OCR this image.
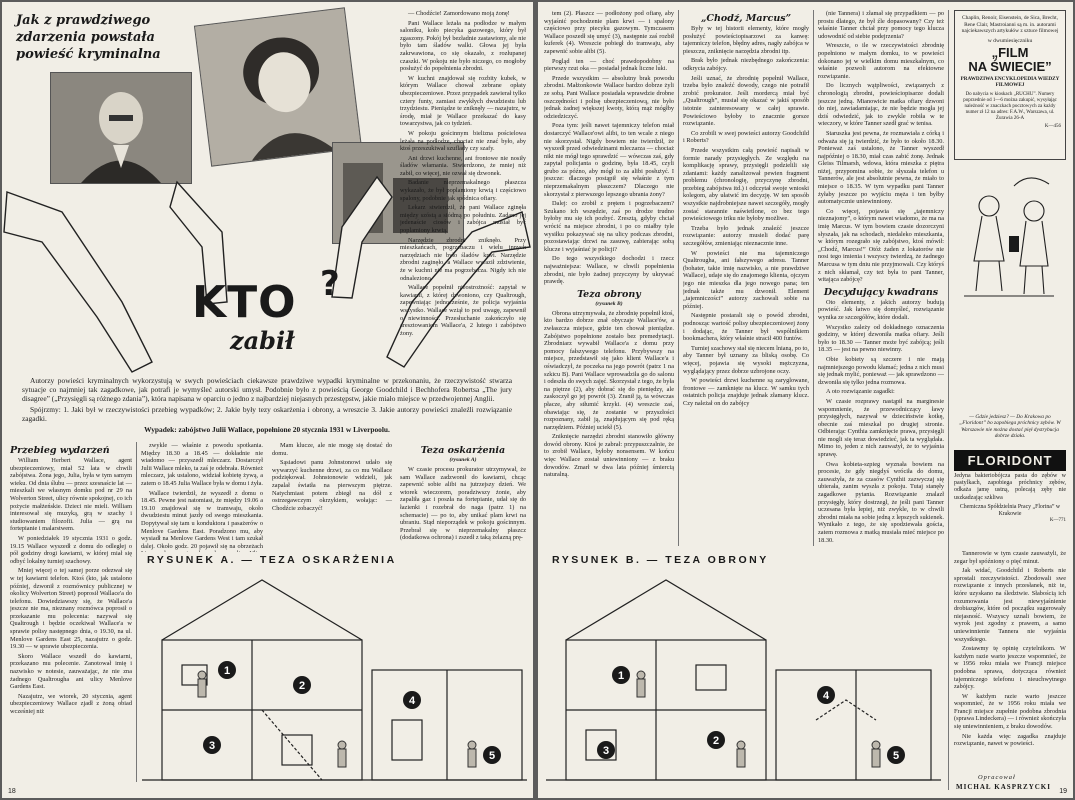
Jak z prawdziwego
zdarzenia powstała
powieść kryminalna
KTO ?
zabił

Autorzy powieści kryminalnych wykorzystują w swych powieściach ciekawsze prawdziwe wypadki kryminalne w przekonaniu, że rzeczywistość stwarza sytuacje co najmniej tak zagadkowe, jak potrafi je wymyśleć autorski umysł. Podobnie było z powieścią George Goodchild i Bechhofera Robertsa „The jury disagree” („Przysięgli są różnego zdania”), która napisana w oparciu o jedno z najbardziej niejasnych przestępstw, jakie miało miejsce w przedwojennej Anglii.

Spójrzmy: 1. Jaki był w rzeczywistości przebieg wypadków; 2. Jakie były tezy oskarżenia i obrony, a wreszcie 3. Jakie autorzy powieści znaleźli rozwiązanie zagadki.

Wypadek: zabójstwo Julii Wallace, popełnione 20 stycznia 1931 w Liverpoolu.
Przebieg wydarzeń

William Herbert Wallace, agent ubezpieczeniowy, miał 52 lata w chwili zabójstwa. Żona jego, Julia, była w tym samym wieku. Od dnia ślubu — przez szesnaście lat — mieszkali we własnym domku pod nr 29 na Wolverton Street, ulicy równie spokojnej, co ich pożycie małżeńskie. Dzieci nie mieli. William interesował się muzyką, grą w szachy i studiowaniem filozofii. Julia — grą na fortepianie i malarstwem.

W poniedziałek 19 stycznia 1931 o godz. 19.15 Wallace wyszedł z domu do odległej o pół godziny drogi kawiarni, w której miał się odbyć lokalny turniej szachowy.

Mniej więcej o tej samej porze odezwał się w tej kawiarni telefon. Ktoś (kto, jak ustalono później, dzwonił z rozmównicy publicznej w okolicy Wolverton Street) poprosił Wallace'a do telefonu. Dowiedziawszy się, że Wallace'a jeszcze nie ma, nieznany rozmówca poprosił o przekazanie mu polecenia: nazywał się Qualtrough i będzie oczekiwał Wallace'a w sprawie polisy następnego dnia, o 19.30, na ul. Menlove Gardens East 25, nazajutrz o godz. 19.30 — w sprawie ubezpieczenia.

Skoro Wallace wszedł do kawiarni, przekazano mu polecenie. Zanotował imię i nazwisko w notesie, zauważając, że nie zna żadnego Qualtrougha ani ulicy Menlove Gardens East.

Nazajutrz, we wtorek, 20 stycznia, agent ubezpieczeniowy Wallace zjadł z żoną obiad wcześniej niż

zwykle — właśnie z powodu spotkania. Między 18.30 a 18.45 — dokładnie nie wiadomo — przyszedł mleczarz. Dostarczył Julii Wallace mleko, ta zaś je odebrała. Również mleczarz, jak ustalono, widział kobietę żywą, a zatem o 18.45 Julia Wallace była w domu i żyła.

Wallace twierdził, że wyszedł z domu o 18.45. Pewne jest natomiast, że między 19.06 a 19.10 znajdował się w tramwaju, około dwudziestu minut jazdy od swego mieszkania. Dopytywał się tam u konduktora i pasażerów o Menlove Gardens East. Poradzono mu, aby wysiadł na Menlove Gardens West i tam szukał dalej. Około godz. 20 pojawił się na obrzeżach

Mam klucze, ale nie mogę się dostać do domu.

Sąsiadowi panu Johnstonowi udało się wywarzyć kuchenne drzwi, za co mu Wallace podziękował. Johnstonowie widzieli, jak zapalał światła na pierwszym piętrze. Natychmiast potem zbiegł na dół z ostrzegawczym okrzykiem, wołając: — Chodźcie zobaczyć!

— Chodźcie! Zamordowano moją żonę!

Pani Wallace leżała na podłodze w małym saloniku, koło piecyka gazowego, który był zgaszony. Pokój był bezładnie zastawiony, ale nie było tam śladów walki. Głowa jej była zakrwawiona, co się okazało, z rozłupanej czaszki. W pokoju nie było niczego, co mogłoby posłużyć do popełnienia zbrodni.

W kuchni znajdował się rozbity kubek, w którym Wallace chował zebrane opłaty ubezpieczeniowe. Przez przypadek zawierał tylko cztery funty, zamiast zwykłych dwudziestu lub trzydziestu. Pieniądze te zniknęły — nazajutrz, w środę, miał je Wallace przekazać do kasy towarzystwa, jak co tydzień.

W pokoju gościnnym bielizna pościelowa leżała na podłodze, chociaż nie znać było, aby ktoś przeszukiwał szuflady czy szafy.

Ani drzwi kuchenne, ani frontowe nie nosiły śladów włamania. Stwierdzono, że mniej niż zabił, co więcej, nie ozwał się dzwonek.

Badanie nieprzemakalnego płaszcza wykazało, że był poplamiony krwią i częściowo spalony, podobnie jak spódnica ofiary.

Lekarz stwierdził, że pani Wallace zginęła między szóstą a siódmą po południu. Zadano jej jedenaście ciosów i zabójca musiał być poplamiony krwią.

Narzędzie zbrodni zniknęło. Przy mieszkańcach, pogrzebaczu i wielu innych narzędziach nie było śladów krwi. Narzędzie zbrodni zaginęło, a Wallace wyraził zdziwienie, że w kuchni nie ma pogrzebacza. Nigdy ich nie odnaleziono.

Wallace popełnił nieostrożność: zapytał w kawiarni, z której dzwoniono, czy Qualtrough, zapewniając jednocześnie, że policja wyjaśnia wszystko. Wallace wziął to pod uwagę, zapewnił o niewinności. Przesłuchanie zakończyło się aresztowaniem Wallace'a, 2 lutego i zabójstwo żony.

Teza oskarżenia
(rysunek A)

W czasie procesu prokurator utrzymywał, że sam Wallace zadzwonił do kawiarni, chcąc zapewnić sobie alibi na jutrzejszy dzień. We wtorek wieczorem, poradziwszy żonie, aby zapaliła gaz i poszła na fortepianie, udał się do łazienki i rozebrał do naga (patrz 1) na schemacie) — po to, aby unikać plam krwi na ubraniu. Stąd nieporządek w pokoju gościnnym. Przebrał się w nieprzemakalny płaszcz (dodatkowa ochrona) i zszedł z taką żelazną prę-

RYSUNEK A. — TEZA OSKARŻENIA
1
2
3
4
5
18

tem (2). Płaszcz — podłożony pod ofiarę, aby wyjaśnić pochodzenie plam krwi — i spalony częściowo przy piecyku gazowym. Tymczasem Wallace poszedł się umyć (3), następnie zaś rozbił kuferek (4). Wreszcie pobiegł do tramwaju, aby zapewnić sobie alibi (5).

Pogląd ten — choć prawdopodobny na pierwszy rzut oka — posiadał jednak liczne luki.

Przede wszystkim — absolutny brak powodu zbrodni. Małżonkowie Wallace bardzo dobrze żyli ze sobą. Pani Wallace posiadała wprawdzie drobne oszczędności i polisę ubezpieczeniową, nie było jednak żadnej większej kwoty, którą mąż mógłby odziedziczyć.

Poza tym: jeśli nawet tajemniczy telefon miał dostarczyć Wallace'owi alibi, to ten wcale z niego nie skorzystał. Nigdy bowiem nie twierdził, że wyszedł przed odwiedzinami mleczarza — chociaż nikt nie mógł tego sprawdzić — wówczas zaś, gdy zapytał policjanta o godzinę, była 18.45, czyli grubo za późno, aby mógł to za alibi posłużyć. I jeszcze: dlaczego postąpił się właśnie z tym nieprzemakalnym płaszczem? Dlaczego nie skorzystał z pierwszego lepszego ubrania żony?

Dalej: co zrobił z prętem i pogrzebaczem? Szukano ich wszędzie, zaś po drodze trudno byłoby mu się ich pozbyć. Zresztą, gdyby chciał wrócić na miejsce zbrodni, i po co miałby tyle wysiłku pokazywać się na ulicy podczas zbrodni, pozostawiając drzwi na zasuwę, zabierając sobą klucze i wyjaśniać je policji?

Do tego wszystkiego dochodzi i rzecz najważniejsza: Wallace, w chwili popełnienia zbrodni, nie było żadnej przyczyny by ukrywać prawdę.

Teza obrony
(rysunek B)

Obrona utrzymywała, że zbrodnię popełnił ktoś, kto bardzo dobrze znał obyczaje Wallace'ów, a zwłaszcza miejsce, gdzie ten chował pieniądze. Zabójstwo popełnione zostało bez premedytacji. Zbrodniarz wywabił Wallace'a z domu przy pomocy fałszywego telefonu. Przybywszy na miejsce, przedstawił się jako klient Wallace'a i oświadczył, że poczeka na jego powrót (patrz 1 na szkicu B). Pani Wallace wprowadziła go do salonu i odeszła do swych zajęć. Skorzystał z tego, że była na piętrze (2), aby dobrać się do pieniędzy, ale zaskoczył go jej powrót (3). Zranił ją, ta wówczas płacze, aby stłumić krzyki. (4) wreszcie zaś, obawiając się, że zostanie w przyszłości rozpoznany, zabił ją, znajdującym się pod ręką narzędziem. Później uciekł (5).

Zniknięcie narzędzi zbrodni stanowiło główny dowód obrony. Ktoś je zabrał: przypuszczalnie, że to zrobił Wallace, byłoby nonsensem. W końcu więc Wallace został uniewinniony — z braku dowodów. Zmarł w dwa lata później śmiercią naturalną.

„Chodź, Marcus”

Były w tej historii elementy, które mogły posłużyć powieściopisarzowi za kanwę: tajemniczy telefon, błędny adres, nagły zabójca w pieszczu, zniknięcie narzędzia zbrodni itp.

Brak było jednak niezbędnego zakończenia: odkrycia zabójcy.

Jeśli uznać, że zbrodnię popełnił Wallace, trzeba było znaleźć dowody, czego nie potrafił zrobić prokurator. Jeśli mordercą miał być „Qualtrough”, musiał się okazać w jakiś sposób istotnie zainteresowany w całej sprawie. Powieściowo byłoby to znacznie gorsze rozwiązanie.

Co zrobili w swej powieści autorzy Goodchild i Roberts?

Przede wszystkim całą powieść napisali w formie narady przysięgłych. Ze względu na komplikację sprawy, przysięgli podzielili się zdaniami: każdy zanalizował pewien fragment problemu (chronologię, przyczynę zbrodni, przebieg zabójstwa itd.) i odczytał swoje wnioski kolegom, aby ułatwić im decyzję. W ten sposób wszystkie najdrobniejsze nawet szczegóły, mogły zostać starannie naświetlone, co bez tego powieściowego triku nie byłoby możliwe.

Trzeba było jednak znaleźć jeszcze rozwiązanie: autorzy musieli dodać parę szczegółów, zmieniając nieznacznie inne.

W powieści nie ma tajemniczego Qualtrougha, ani fałszywego adresu. Tanner (bohater, takie imię nazwisko, a nie prawdziwe Wallace), udaje się do znajomego klienta, ojczym jego nie mieszka dla jego nowego pana; ten jednak także mu dzwonił. Element „tajemniczości” autorzy zachowali sobie na później.

Następnie postarali się o powód zbrodni, podnosząc wartość polisy ubezpieczeniowej żony i dodając, że Tanner był wspólnikiem bookmachera, który właśnie stracił 400 funtów.

Turniej szachowy stał się niecem lnianą, po to, aby Tanner był uznany za bliską osobę. Co więcej, pojawia się wysoki mężczyzna, wyglądający przez dobrze uzbrojone oczy.

W powieści drzwi kuchenne są zaryglowane, frontowe — zamknięte na klucz. W samku tych ostatnich policja znajduje jednak złamany klucz. Czy należał on do zabójcy

(nie Tannera) i złamał się przypadkiem — po prostu dlatego, że był źle dopasowany? Czy też właśnie Tanner chciał przy pomocy tego klucza udowodnić od siebie podejrzenia?

Wreszcie, o ile w rzeczywistości zbrodnię popełniono w małym domku, to w powieści dokonano jej w wielkim domu mieszkalnym, co właśnie pozwoli autorom na efektowne rozwiązanie.

Do licznych wątpliwości, związanych z chronologią zbrodni, powieściopisarze dodali jeszcze jedną. Mianowicie matka ofiary dzwoni do niej, zawiadamiając, że nie będzie mogła jej dziś odwiedzić, jak to zwykle robiła w te wieczory, w które Tanner szedł grać w tenisa.

Staruszka jest pewna, że rozmawiała z córką i odważa się ją twierdzić, że było to około 18.30. Ponieważ zaś ustalono, że Tanner wyszedł najpóźniej o 18.30, miał czas zabić żonę. Jednak Gleiss Tilmarsh, wdowa, która mieszka z piętra niżej, przypomina sobie, że słyszała telefon u Tannerów, ale jest absolutnie pewna, że miało to miejsce o 18.35. W tym wypadku pani Tanner żyłaby jeszcze po wyjściu męża i ten byłby automatycznie uniewinniony.

Co więcej, pojawia się „tajemniczy nieznajomy”, o którym nawet wiadomo, że ma na imię Marcus. W tym bowiem czasie dozorczyni słyszała, jak na schodach, niedaleko mieszkania, w którym rozegrało się zabójstwo, ktoś mówił: „Chodź, Marcus!” Otóż żaden z lokatorów nie nosi tego imienia i wszyscy twierdzą, że żadnego Marcusa w tym dniu nie przyjmowali. Czy któryś z nich skłamał, czy też była to pani Tanner, witająca zabójcę?

Decydujący kwadrans

Oto elementy, z jakich autorzy budują powieść. Jak łatwo się domyśleć, rozwiązanie wynika ze szczegółów, które dodali.

Wszystko zależy od dokładnego oznaczenia godziny, w której dzwoniła matka ofiary. Jeśli było to 18.30 — Tanner może być zabójcą; jeśli 18.35 — jest na pewno niewinny.

Obie kobiety są szczere i nie mają najmniejszego powodu kłamać; jedna z nich musi się jednak mylić, ponieważ — jak sprawdzono — dzwoniła się tylko jedna rozmowa.

A oto rozwiązanie zagadki:

W czasie rozprawy nastąpił na marginesie wspomnienie, że przewodniczący ławy przysięgłych, nazywał w dzieciństwie kotkę, obecnie zaś mieszkał po drugiej stronie. Odbierając Cynthia zamknięcie prawa, przysięgli nie mogli się teraz dowiedzieć, jak ta wyglądała. Mimo to, jeden z nich zauważył, że to wyjaśnia sprawę.

Owa kobieta-szpieg wyznała bowiem na procesie, że gdy niegdyś wróciła do domu, zauważyła, że za czasów Cynthii zazwyczaj się ubierała, zanim wyszła z pokoju. Tutaj stanęły zagadkowe pytania. Rozwiązanie znalazł przysięgły, który dostrzegł, że jeśli pani Tanner uczesana była lepiej, niż zwykle, to w chwili zbrodni miała na sobie jedną z lepszych sukienek. Wynikało z tego, że się spodziewała gościa, zatem rozmowa z matką musiała mieć miejsce po 18.30.

Chaplin, Renoir, Eisenstein, de Sica, Brecht, Rene Clair, Mastroianni są m. in. autorami najciekawszych artykułów z sztuce filmowej
w dwumiesięczniku
„FILM
NA ŚWIECIE”
PRAWDZIWA ENCYKLOPEDIA WIEDZY FILMOWEJ
Do nabycia w kioskach „RUCHU”. Numery poprzednie od 1—6 można zakupić, wysyłając należność w znaczkach pocztowych za każdy numer zł 12 na adres: F.A.W., Warszawa, ul. Żurawia 26-A
K—456
— Gdzie jedziesz? — Do Krakowa po „Floridont” bo zapobiega próchnicy zębów. W Warszawie nie można dostać pięł dystrybucja dobrze działa.
FLORIDONT
Jedyna bakteriobójcza pasta do zębów w pastylkach, zapobiega próchnicy zębów, odkaża jamę ustną, polecają zęby nie uszkadzając szkliwa
Chemiczna Spółdzielnia Pracy „Florina” w Krakowie
K—771

Tannerowie w tym czasie zauważyli, że zegar był spóźniony o pięć minut.

Jak widać, Goodchild i Roberts nie sprostali rzeczywistości. Zbodowali swe rozwiązanie z innych przesłanek, niż te, które uzyskano na śledztwie. Słabością ich rozumowania jest niewyjaśnienie drobiazgów, które od początku sugerowały niejasność. Wszyscy uznali bowiem, że wyrok jest zgodny z prawem, a samo uniewinnienie Tannera nie wyjaśnia wszystkiego.

Zostawmy tę opinię czytelnikom. W każdym razie warto jeszcze wspomnieć, że w 1956 roku miała we Francji miejsce podobna sprawa, dotycząca również tajemniczego telefonu i nieuchwytnego zabójcy.

W każdym razie warto jeszcze wspomnieć, że w 1956 roku miała we Francji miejsce zupełnie podobna zbrodnia (sprawa Lindeckera) — i również skończyła się uniewinnieniem, z braku dowodów.

Nie każda więc zagadka znajduje rozwiązanie, nawet w powieści.

Opracował
MICHAŁ KASPRZYCKI
RYSUNEK B. — TEZA OBRONY
1
2
3
4
5
19
